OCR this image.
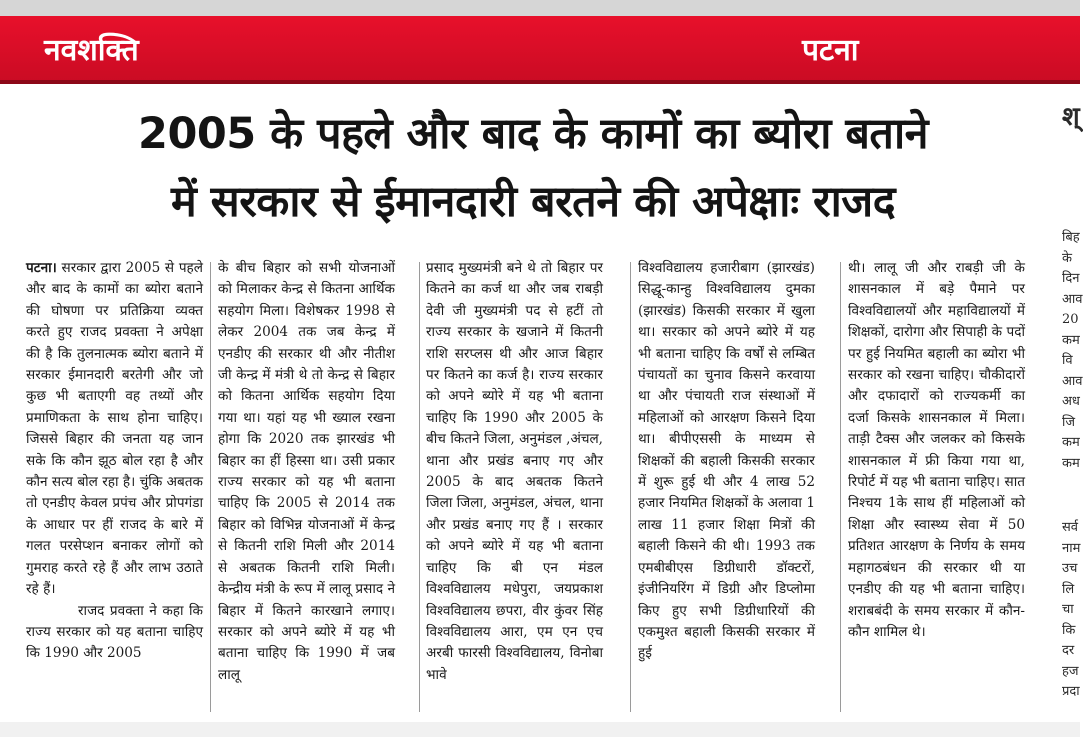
नवशक्ति	पटना
2005 के पहले और बाद के कामों का ब्योरा बताने
में सरकार से ईमानदारी बरतने की अपेक्षाः राजद

पटना। सरकार द्वारा 2005 से पहले और बाद के कामों का ब्योरा बताने की घोषणा पर प्रतिक्रिया व्यक्त करते हुए राजद प्रवक्ता ने अपेक्षा की है कि तुलनात्मक ब्योरा बताने में सरकार ईमानदारी बरतेगी और जो कुछ भी बताएगी वह तथ्यों और प्रमाणिकता के साथ होना चाहिए। जिससे बिहार की जनता यह जान सके कि कौन झूठ बोल रहा है और कौन सत्य बोल रहा है। चुंकि अबतक तो एनडीए केवल प्रपंच और प्रोपगंडा के आधार पर हीं राजद के बारे में गलत परसेप्शन बनाकर लोगों को गुमराह करते रहे हैं और लाभ उठाते रहे हैं।

राजद प्रवक्ता ने कहा कि राज्य सरकार को यह बताना चाहिए कि 1990 और 2005

के बीच बिहार को सभी योजनाओं को मिलाकर केन्द्र से कितना आर्थिक सहयोग मिला। विशेषकर 1998 से लेकर 2004 तक जब केन्द्र में एनडीए की सरकार थी और नीतीश जी केन्द्र में मंत्री थे तो केन्द्र से बिहार को कितना आर्थिक सहयोग दिया गया था। यहां यह भी ख्याल रखना होगा कि 2020 तक झारखंड भी बिहार का हीं हिस्सा था। उसी प्रकार राज्य सरकार को यह भी बताना चाहिए कि 2005 से 2014 तक बिहार को विभिन्न योजनाओं में केन्द्र से कितनी राशि मिली और 2014 से अबतक कितनी राशि मिली। केन्द्रीय मंत्री के रूप में लालू प्रसाद ने बिहार में कितने कारखाने लगाए। सरकार को अपने ब्योरे में यह भी बताना चाहिए कि 1990 में जब लालू

प्रसाद मुख्यमंत्री बने थे तो बिहार पर कितने का कर्ज था और जब राबड़ी देवी जी मुख्यमंत्री पद से हटीं तो राज्य सरकार के खजाने में कितनी राशि सरप्लस थी और आज बिहार पर कितने का कर्ज है। राज्य सरकार को अपने ब्योरे में यह भी बताना चाहिए कि 1990 और 2005 के बीच कितने जिला, अनुमंडल ,अंचल, थाना और प्रखंड बनाए गए और 2005 के बाद अबतक कितने जिला जिला, अनुमंडल, अंचल, थाना और प्रखंड बनाए गए हैं । सरकार को अपने ब्योरे में यह भी बताना चाहिए कि बी एन मंडल विश्वविद्यालय मधेपुरा, जयप्रकाश विश्वविद्यालय छपरा, वीर कुंवर सिंह विश्वविद्यालय आरा, एम एन एच अरबी फारसी विश्वविद्यालय, विनोबा भावे

विश्वविद्यालय हजारीबाग (झारखंड) सिद्धू-कान्हु विश्वविद्यालय दुमका (झारखंड) किसकी सरकार में खुला था। सरकार को अपने ब्योरे में यह भी बताना चाहिए कि वर्षों से लम्बित पंचायतों का चुनाव किसने करवाया था और पंचायती राज संस्थाओं में महिलाओं को आरक्षण किसने दिया था। बीपीएससी के माध्यम से शिक्षकों की बहाली किसकी सरकार में शुरू हुई थी और 4 लाख 52 हजार नियमित शिक्षकों के अलावा 1 लाख 11 हजार शिक्षा मित्रों की बहाली किसने की थी। 1993 तक एमबीबीएस डिग्रीधारी डॉक्टरों, इंजीनियरिंग में डिग्री और डिप्लोमा किए हुए सभी डिग्रीधारियों की एकमुश्त बहाली किसकी सरकार में हुई

थी। लालू जी और राबड़ी जी के शासनकाल में बड़े पैमाने पर विश्वविद्यालयों और महाविद्यालयों में शिक्षकों, दारोगा और सिपाही के पदों पर हुई नियमित बहाली का ब्योरा भी सरकार को रखना चाहिए। चौकीदारों और दफादारों को राज्यकर्मी का दर्जा किसके शासनकाल में मिला। ताड़ी टैक्स और जलकर को किसके शासनकाल में फ्री किया गया था, रिपोर्ट में यह भी बताना चाहिए। सात निश्चय 1के साथ हीं महिलाओं को शिक्षा और स्वास्थ्य सेवा में 50 प्रतिशत आरक्षण के निर्णय के समय महागठबंधन की सरकार थी या एनडीए की यह भी बताना चाहिए। शराबबंदी के समय सरकार में कौन-कौन शामिल थे।

श्
बिह
के
दिन
आव
20
कम
वि
आव
अध
जि
कम
कम
सर्व
नाम
उच
लि
चा
कि
दर
हज
प्रदा
